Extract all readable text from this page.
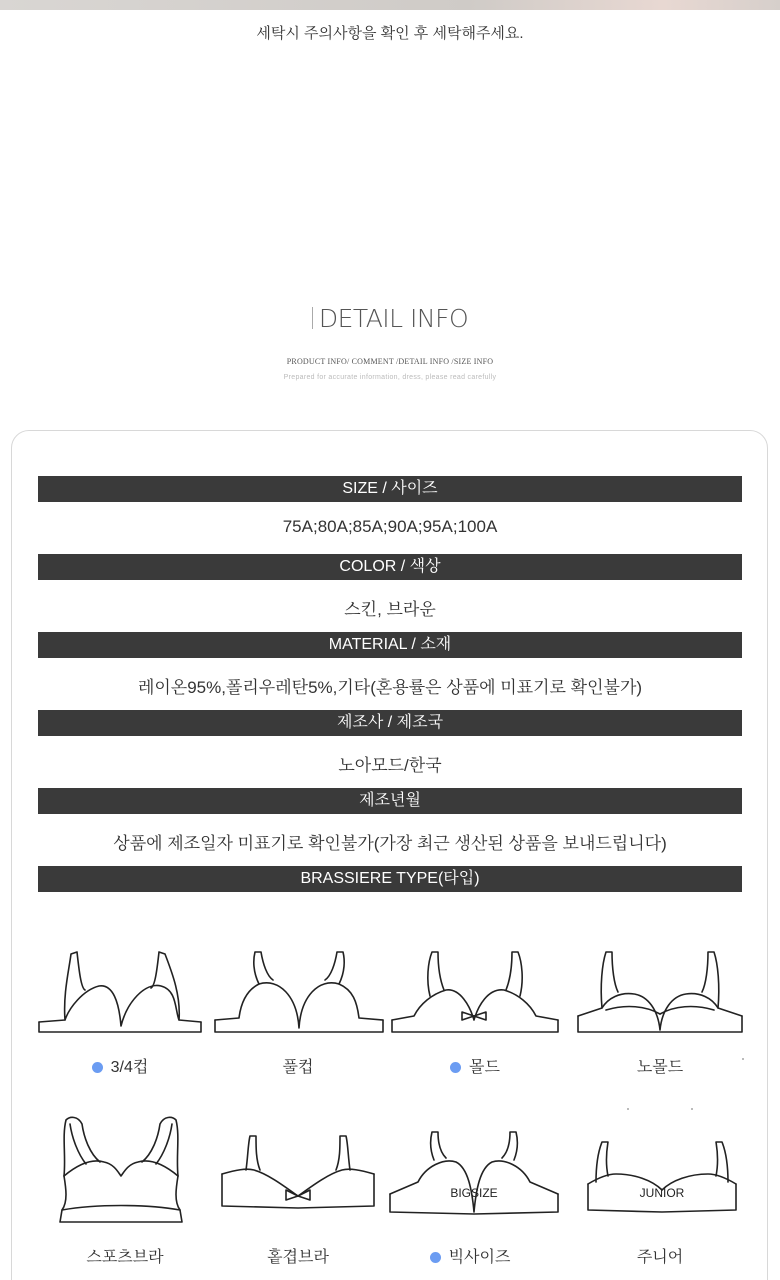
세탁시 주의사항을 확인 후 세탁해주세요.
DETAIL INFO
PRODUCT INFO/ COMMENT /DETAIL INFO /SIZE INFO
Prepared for accurate information, dress, please read carefully
SIZE / 사이즈
75A;80A;85A;90A;95A;100A
COLOR / 색상
스킨, 브라운
MATERIAL / 소재
레이온95%,폴리우레탄5%,기타(혼용률은 상품에 미표기로 확인불가)
제조사 / 제조국
노아모드/한국
제조년월
상품에 제조일자 미표기로 확인불가(가장 최근 생산된 상품을 보내드립니다)
BRASSIERE TYPE(타입)
3/4컵	풀컵	몰드	노몰드
BIGSIZE	JUNIOR
스포츠브라	홑겹브라	빅사이즈	주니어
